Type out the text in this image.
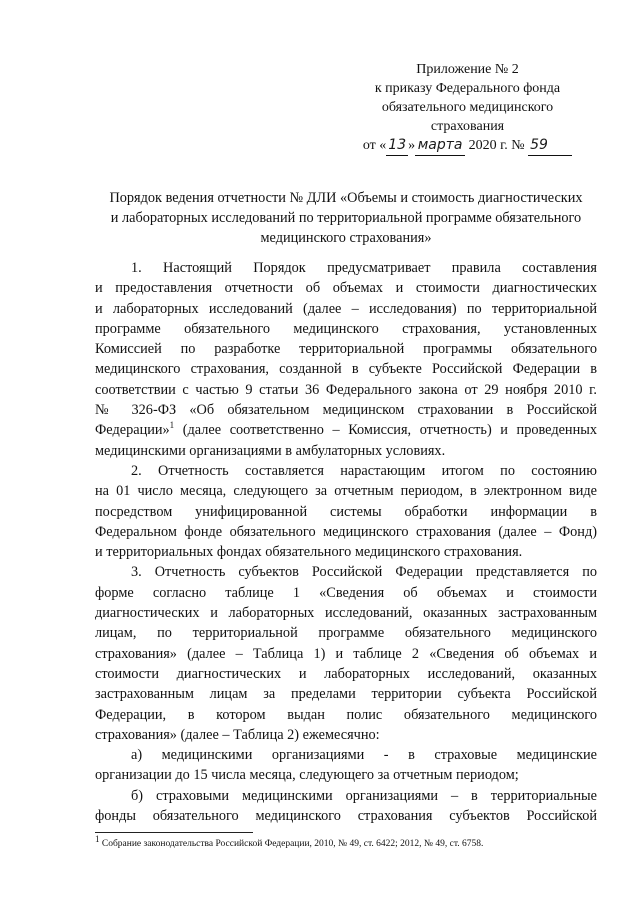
Приложение № 2
к приказу Федерального фонда
обязательного медицинского
страхования
от « 13 » марта 2020 г. № 59
Порядок ведения отчетности № ДЛИ «Объемы и стоимость диагностических
и лабораторных исследований по территориальной программе обязательного
медицинского страхования»
1. Настоящий Порядок предусматривает правила составления
и предоставления отчетности об объемах и стоимости диагностических
и лабораторных исследований (далее – исследования) по территориальной
программе обязательного медицинского страхования, установленных
Комиссией по разработке территориальной программы обязательного
медицинского страхования, созданной в субъекте Российской Федерации в
соответствии с частью 9 статьи 36 Федерального закона от 29 ноября 2010 г.
№ 326-ФЗ «Об обязательном медицинском страховании в Российской
Федерации»$^1$ (далее соответственно – Комиссия, отчетность) и проведенных
медицинскими организациями в амбулаторных условиях.
2. Отчетность составляется нарастающим итогом по состоянию
на 01 число месяца, следующего за отчетным периодом, в электронном виде
посредством унифицированной системы обработки информации в
Федеральном фонде обязательного медицинского страхования (далее – Фонд)
и территориальных фондах обязательного медицинского страхования.
3. Отчетность субъектов Российской Федерации представляется по
форме согласно таблице 1 «Сведения об объемах и стоимости
диагностических и лабораторных исследований, оказанных застрахованным
лицам, по территориальной программе обязательного медицинского
страхования» (далее – Таблица 1) и таблице 2 «Сведения об объемах и
стоимости диагностических и лабораторных исследований, оказанных
застрахованным лицам за пределами территории субъекта Российской
Федерации, в котором выдан полис обязательного медицинского
страхования» (далее – Таблица 2) ежемесячно:
а) медицинскими организациями - в страховые медицинские
организации до 15 числа месяца, следующего за отчетным периодом;
б) страховыми медицинскими организациями – в территориальные
фонды обязательного медицинского страхования субъектов Российской
$^1$ Собрание законодательства Российской Федерации, 2010, № 49, ст. 6422; 2012, № 49, ст. 6758.
